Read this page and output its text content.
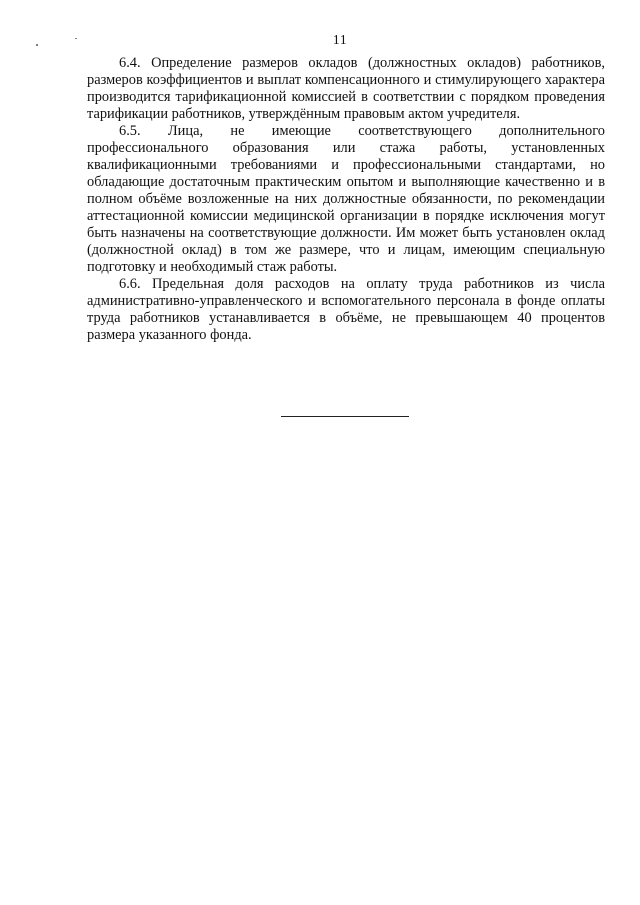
11

6.4. Определение размеров окладов (должностных окладов) работников, размеров коэффициентов и выплат компенсационного и стимулирующего характера производится тарификационной комиссией в соответствии с порядком проведения тарификации работников, утверждённым правовым актом учредителя.

6.5. Лица, не имеющие соответствующего дополнительного профессионального образования или стажа работы, установленных квалификационными требованиями и профессиональными стандартами, но обладающие достаточным практическим опытом и выполняющие качественно и в полном объёме возложенные на них должностные обязанности, по рекомендации аттестационной комиссии медицинской организации в порядке исключения могут быть назначены на соответствующие должности. Им может быть установлен оклад (должностной оклад) в том же размере, что и лицам, имеющим специальную подготовку и необходимый стаж работы.

6.6. Предельная доля расходов на оплату труда работников из числа административно-управленческого и вспомогательного персонала в фонде оплаты труда работников устанавливается в объёме, не превышающем 40 процентов размера указанного фонда.
